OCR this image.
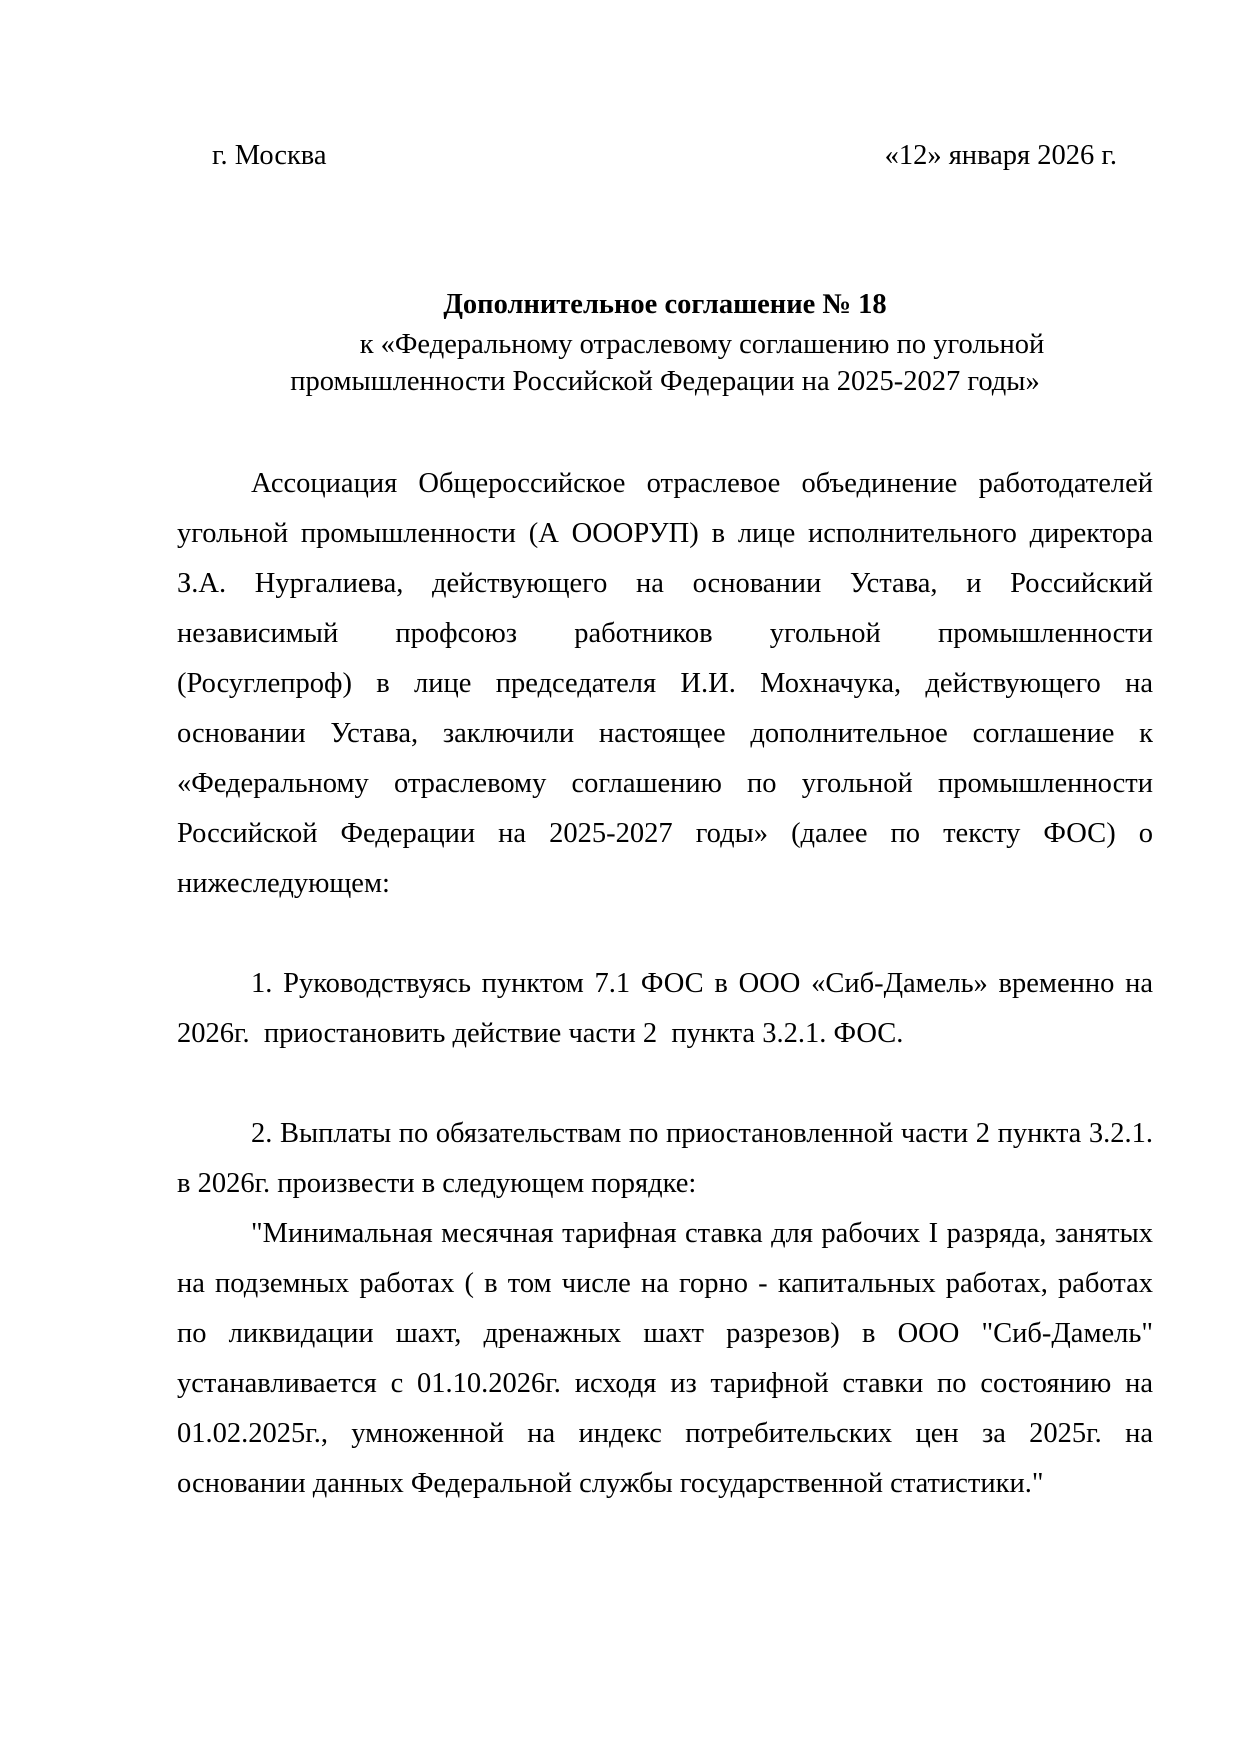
г. Москва	«12» января 2026 г.
Дополнительное соглашение № 18
к «Федеральному отраслевому соглашению по угольной
промышленности Российской Федерации на 2025-2027 годы»
Ассоциация Общероссийское отраслевое объединение работодателей
угольной промышленности (А ОООРУП) в лице исполнительного директора
З.А. Нургалиева, действующего на основании Устава, и Российский
независимый профсоюз работников угольной промышленности
(Росуглепроф) в лице председателя И.И. Мохначука, действующего на
основании Устава, заключили настоящее дополнительное соглашение к
«Федеральному отраслевому соглашению по угольной промышленности
Российской Федерации на 2025-2027 годы» (далее по тексту ФОС) о
нижеследующем:
1. Руководствуясь пунктом 7.1 ФОС в ООО «Сиб-Дамель» временно на
2026г.  приостановить действие части 2  пункта 3.2.1. ФОС.
2. Выплаты по обязательствам по приостановленной части 2 пункта 3.2.1.
в 2026г. произвести в следующем порядке:
"Минимальная месячная тарифная ставка для рабочих I разряда, занятых
на подземных работах ( в том числе на горно - капитальных работах, работах
по ликвидации шахт, дренажных шахт разрезов) в ООО "Сиб-Дамель"
устанавливается с 01.10.2026г. исходя из тарифной ставки по состоянию на
01.02.2025г., умноженной на индекс потребительских цен за 2025г. на
основании данных Федеральной службы государственной статистики."
